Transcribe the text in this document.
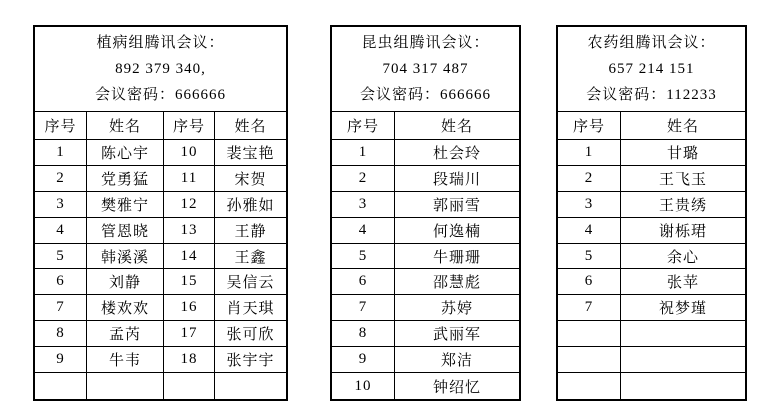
植病组腾讯会议：
892 379 340,
会议密码：666666
序号	姓名	序号	姓名
1	陈心宇	10	裴宝艳
2	党勇猛	11	宋贺
3	樊雅宁	12	孙雅如
4	管恩晓	13	王静
5	韩溪溪	14	王鑫
6	刘静	15	吴信云
7	楼欢欢	16	肖天琪
8	孟芮	17	张可欣
9	牛韦	18	张宇宇
昆虫组腾讯会议：
704 317 487
会议密码：666666
序号	姓名
1	杜会玲
2	段瑞川
3	郭丽雪
4	何逸楠
5	牛珊珊
6	邵慧彪
7	苏婷
8	武丽军
9	郑洁
10	钟绍忆
农药组腾讯会议：
657 214 151
会议密码：112233
序号	姓名
1	甘璐
2	王飞玉
3	王贵绣
4	谢栎珺
5	余心
6	张苹
7	祝梦瑾
